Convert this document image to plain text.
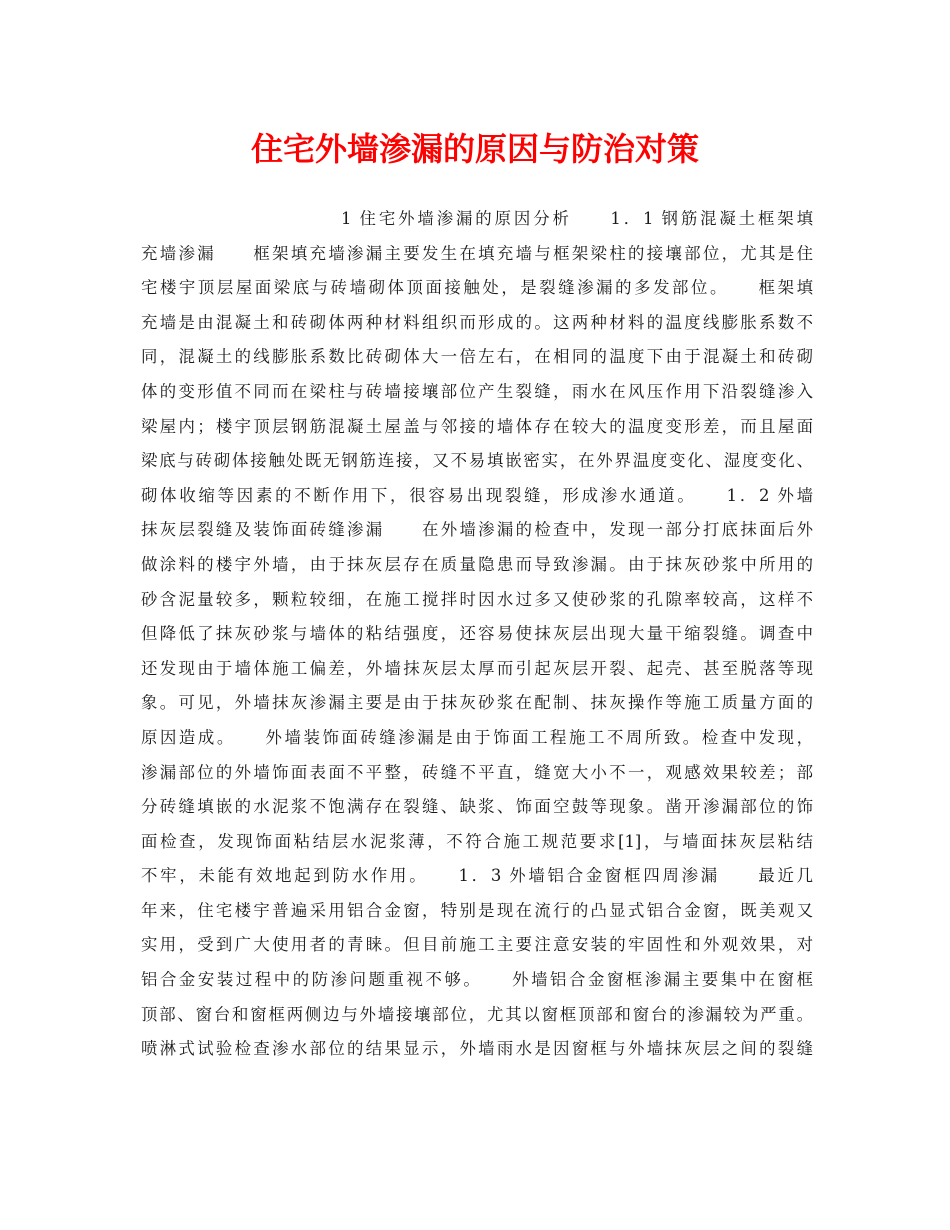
住宅外墙渗漏的原因与防治对策
1 住宅外墙渗漏的原因分析　　1．1 钢筋混凝土框架填
充墙渗漏　　框架填充墙渗漏主要发生在填充墙与框架梁柱的接壤部位，尤其是住
宅楼宇顶层屋面梁底与砖墙砌体顶面接触处，是裂缝渗漏的多发部位。　　框架填
充墙是由混凝土和砖砌体两种材料组织而形成的。这两种材料的温度线膨胀系数不
同，混凝土的线膨胀系数比砖砌体大一倍左右，在相同的温度下由于混凝土和砖砌
体的变形值不同而在梁柱与砖墙接壤部位产生裂缝，雨水在风压作用下沿裂缝渗入
梁屋内；楼宇顶层钢筋混凝土屋盖与邻接的墙体存在较大的温度变形差，而且屋面
梁底与砖砌体接触处既无钢筋连接，又不易填嵌密实，在外界温度变化、湿度变化、
砌体收缩等因素的不断作用下，很容易出现裂缝，形成渗水通道。　　1．2 外墙
抹灰层裂缝及装饰面砖缝渗漏　　在外墙渗漏的检查中，发现一部分打底抹面后外
做涂料的楼宇外墙，由于抹灰层存在质量隐患而导致渗漏。由于抹灰砂浆中所用的
砂含泥量较多，颗粒较细，在施工搅拌时因水过多又使砂浆的孔隙率较高，这样不
但降低了抹灰砂浆与墙体的粘结强度，还容易使抹灰层出现大量干缩裂缝。调查中
还发现由于墙体施工偏差，外墙抹灰层太厚而引起灰层开裂、起壳、甚至脱落等现
象。可见，外墙抹灰渗漏主要是由于抹灰砂浆在配制、抹灰操作等施工质量方面的
原因造成。　　外墙装饰面砖缝渗漏是由于饰面工程施工不周所致。检查中发现，
渗漏部位的外墙饰面表面不平整，砖缝不平直，缝宽大小不一，观感效果较差；部
分砖缝填嵌的水泥浆不饱满存在裂缝、缺浆、饰面空鼓等现象。凿开渗漏部位的饰
面检查，发现饰面粘结层水泥浆薄，不符合施工规范要求[1]，与墙面抹灰层粘结
不牢，未能有效地起到防水作用。　　1．3 外墙铝合金窗框四周渗漏　　最近几
年来，住宅楼宇普遍采用铝合金窗，特别是现在流行的凸显式铝合金窗，既美观又
实用，受到广大使用者的青睐。但目前施工主要注意安装的牢固性和外观效果，对
铝合金安装过程中的防渗问题重视不够。　　外墙铝合金窗框渗漏主要集中在窗框
顶部、窗台和窗框两侧边与外墙接壤部位，尤其以窗框顶部和窗台的渗漏较为严重。
喷淋式试验检查渗水部位的结果显示，外墙雨水是因窗框与外墙抹灰层之间的裂缝
